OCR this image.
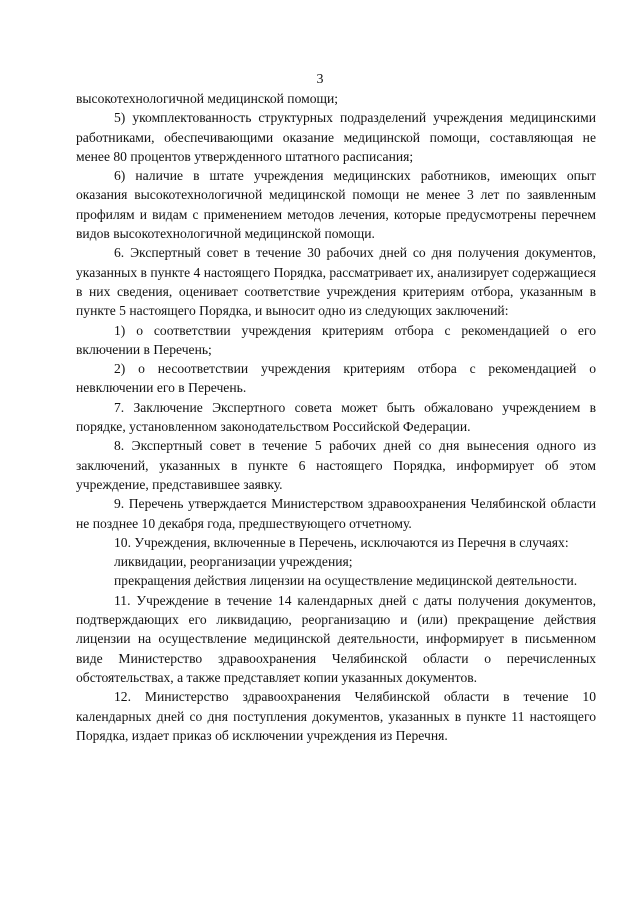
3

высокотехнологичной медицинской помощи;

5) укомплектованность структурных подразделений учреждения медицинскими работниками, обеспечивающими оказание медицинской помощи, составляющая не менее 80 процентов утвержденного штатного расписания;

6) наличие в штате учреждения медицинских работников, имеющих опыт оказания высокотехнологичной медицинской помощи не менее 3 лет по заявленным профилям и видам с применением методов лечения, которые предусмотрены перечнем видов высокотехнологичной медицинской помощи.

6. Экспертный совет в течение 30 рабочих дней со дня получения документов, указанных в пункте 4 настоящего Порядка, рассматривает их, анализирует содержащиеся в них сведения, оценивает соответствие учреждения критериям отбора, указанным в пункте 5 настоящего Порядка, и выносит одно из следующих заключений:

1) о соответствии учреждения критериям отбора с рекомендацией о его включении в Перечень;

2) о несоответствии учреждения критериям отбора с рекомендацией о невключении его в Перечень.

7. Заключение Экспертного совета может быть обжаловано учреждением в порядке, установленном законодательством Российской Федерации.

8. Экспертный совет в течение 5 рабочих дней со дня вынесения одного из заключений, указанных в пункте 6 настоящего Порядка, информирует об этом учреждение, представившее заявку.

9. Перечень утверждается Министерством здравоохранения Челябинской области не позднее 10 декабря года, предшествующего отчетному.

10. Учреждения, включенные в Перечень, исключаются из Перечня в случаях:

ликвидации, реорганизации учреждения;

прекращения действия лицензии на осуществление медицинской деятельности.

11. Учреждение в течение 14 календарных дней с даты получения документов, подтверждающих его ликвидацию, реорганизацию и (или) прекращение действия лицензии на осуществление медицинской деятельности, информирует в письменном виде Министерство здравоохранения Челябинской области о перечисленных обстоятельствах, а также представляет копии указанных документов.

12. Министерство здравоохранения Челябинской области в течение 10 календарных дней со дня поступления документов, указанных в пункте 11 настоящего Порядка, издает приказ об исключении учреждения из Перечня.
